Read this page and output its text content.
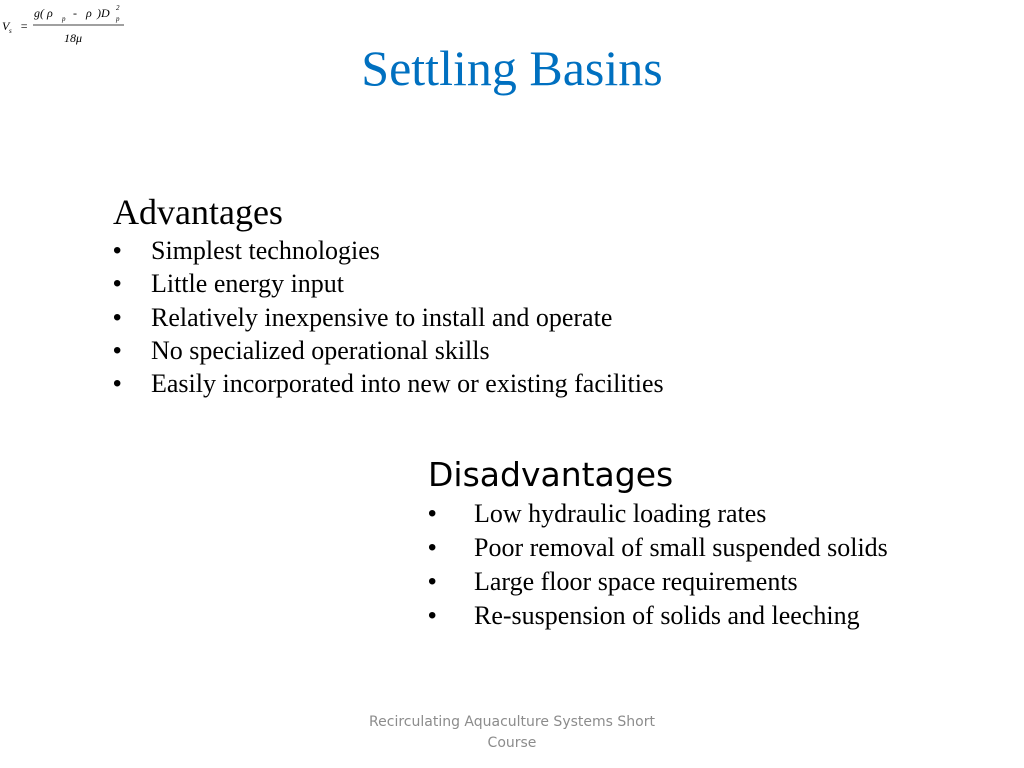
V s =
g( ρ p - ρ )D 2
p
18μ
Settling Basins
Advantages
• Simplest technologies
• Little energy input
• Relatively inexpensive to install and operate
• No specialized operational skills
• Easily incorporated into new or existing facilities
Disadvantages
• Low hydraulic loading rates
• Poor removal of small suspended solids
• Large floor space requirements
• Re-suspension of solids and leeching
Recirculating Aquaculture Systems Short
Course
